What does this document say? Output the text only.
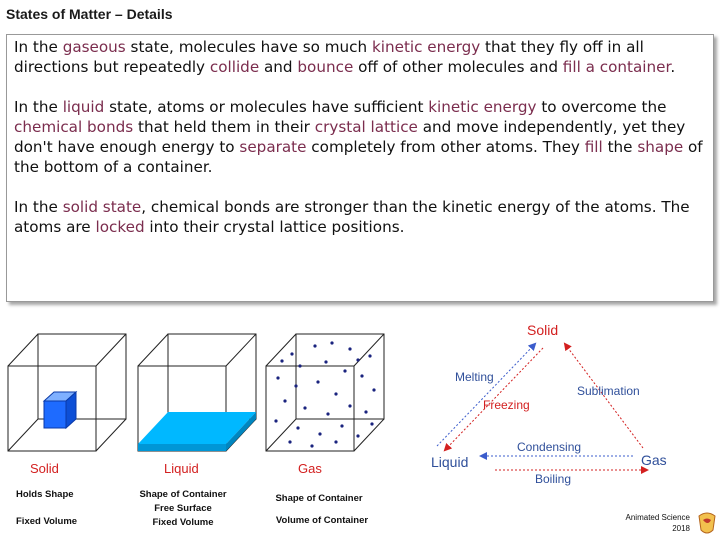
States of Matter – Details

In the gaseous state, molecules have so much kinetic energy that they fly off in all directions but repeatedly collide and bounce off of other molecules and fill a container.

In the liquid state, atoms or molecules have sufficient kinetic energy to overcome the chemical bonds that held them in their crystal lattice and move independently, yet they don't have enough energy to separate completely from other atoms. They fill the shape of the bottom of a container.

In the solid state, chemical bonds are stronger than the kinetic energy of the atoms. The atoms are locked into their crystal lattice positions.

Solid
Holds Shape
Fixed Volume
Liquid
Shape of Container
Free Surface
Fixed Volume
Gas
Shape of Container
Volume of Container
Solid
Liquid	Gas
Melting
Freezing
Sublimation
Condensing
Boiling
Animated Science
2018
